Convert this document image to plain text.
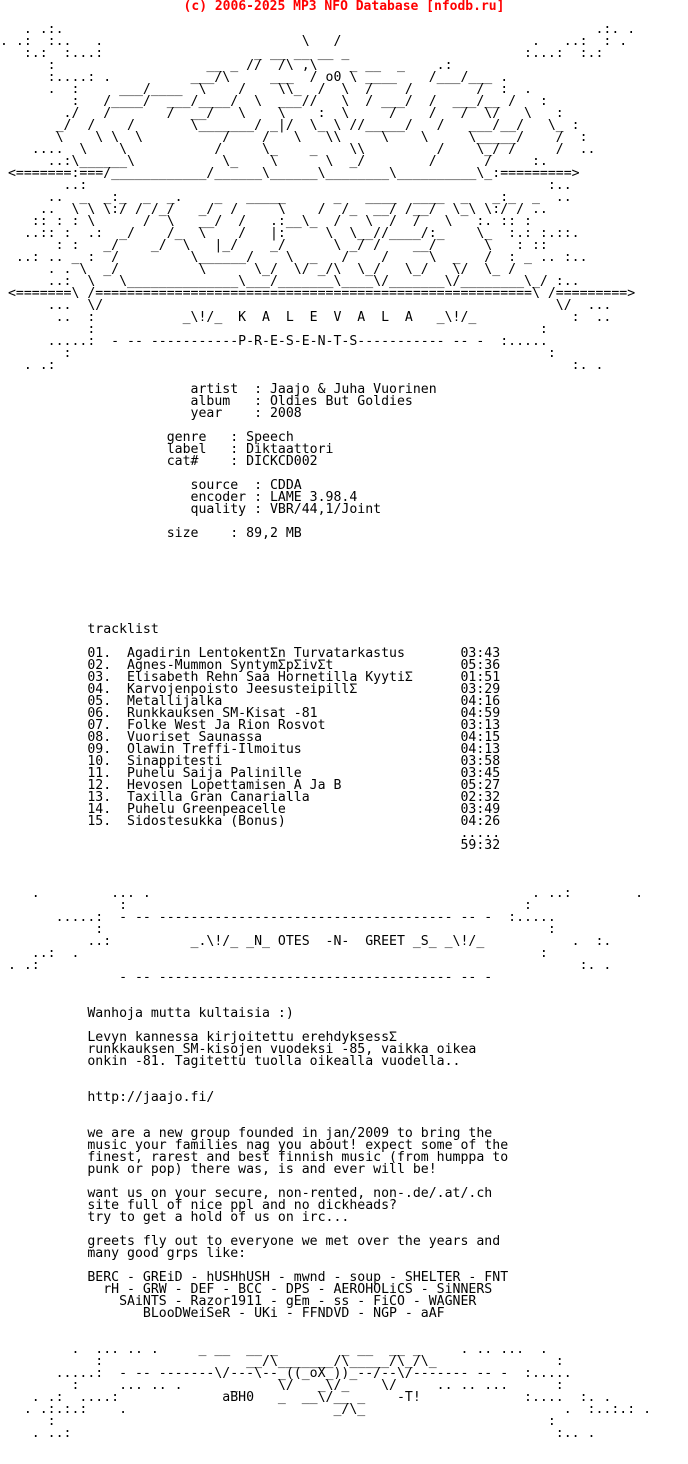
(c) 2006-2025 MP3 NFO Database [nfodb.ru]

. .:.                                                                   .:. .
. .:  :..   .                         \   /                        .   ..:  : .
:.:  :...:                   _ __ __ __ _                      :...:  :.:
:                   __ _ //  /\ ,\    _ __  _    .:
:....: .          ___/\     ___  / o0 \ ____    /___/___ .
.  :     ___/____  \    /    \\_  /  \  /    /        /  :  .
:   /____/  ___/____/  \  ___//   \  / ___/  /  ___/__ /   :
./   /       /  __/   \    \    :  \     /    /   /  \/   \   :
_/  /    /       \_______/ _|/  \_ \ //_____/   /   ___/__/   \_ :
\    \ \  \          /    /   \   \\     \    \     \_____/    /  :
....  \    \           /     \_    _    \\         /    \_/ /     /  ..
..:\______\           \_    \      \  _/        /      /     :.
<=======:===/____________/______\______\________\__________\_:=========>
..:                                                          :..
..  _  _:_  _  _.    _   _____      _   ____  ____  _   _:_  _  ..
..  \ \ \:/ / /_/   _/  /     \    /  /_  __/ /__/  \_\ \:/ / ..
:: : : \      /  \   __/  /   .:__\_  /   \  /  /   \   :. :: :
..:: :  .:  _/    /_  \    /   |:     \  \__//____/:_    \_  :.: :.::.
: :   _/    _/  \   |_/    _/      \ _/ /    __/      \   : ::
..: .. _ :  /         \______/    \  _   /    /     \  _   /  : _ .. :..
. . \  _/          \      \_/  \/ _/\  \_/   \_/   \/  \_ /
..:  \   \______________\___/_______\____\/_______\/________\_/ :..
<=======\ /=======================================================\ /=========>
...  \/                                                         \/  ...
..  :           _\!/_  K  A  L  E  V  A  L  A   _\!/_            :  ..
:                                                        :
.....:  - -- -----------P-R-E-S-E-N-T-S----------- -- -  :.....
:                                                            :
. .:                                                                 :. .

artist  : Jaajo & Juha Vuorinen
album   : Oldies But Goldies
year    : 2008

genre   : Speech
label   : Diktaattori
cat#    : DICKCD002

source  : CDDA
encoder : LAME 3.98.4
quality : VBR/44,1/Joint

size    : 89,2 MB

tracklist

01.  Agadirin LentokentΣn Turvatarkastus       03:43
02.  Agnes-Mummon SyntymΣpΣivΣt                05:36
03.  Elisabeth Rehn Saa Hornetilla KyytiΣ      01:51
04.  Karvojenpoisto JeesusteipillΣ             03:29
05.  Metallijalka                              04:16
06.  Runkkauksen SM-Kisat -81                  04:59
07.  Folke West Ja Rion Rosvot                 03:13
08.  Vuoriset Saunassa                         04:15
09.  Olawin Treffi-Ilmoitus                    04:13
10.  Sinappitesti                              03:58
11.  Puhelu Saija Palinille                    03:45
12.  Hevosen Lopettamisen A Ja B               05:27
13.  Taxilla Gran Canarialla                   02:32
14.  Puhelu Greenpeacelle                      03:49
15.  Sidostesukka (Bonus)                      04:26
.....
59:32

.         ... .                                                . ..:        .
:                                                  :
.....:  - -- ------------------------------------- -- -  :.....
:                                                        :
..:          _.\!/_ _N_ OTES  -N-  GREET _S_ _\!/_           .  :.
..:  .                                                          :
. .:                                                                    :. .
- -- ------------------------------------- -- -

Wanhoja mutta kultaisia :)

Levyn kannessa kirjoitettu erehdyksessΣ
runkkauksen SM-kisojen vuodeksi -85, vaikka oikea
onkin -81. Tagitettu tuolla oikealla vuodella..

http://jaajo.fi/

we are a new group founded in jan/2009 to bring the
music your families nag you about! expect some of the
finest, rarest and best finnish music (from humppa to
punk or pop) there was, is and ever will be!

want us on your secure, non-rented, non-.de/.at/.ch
site full of nice ppl and no dickheads?
try to get a hold of us on irc...

greets fly out to everyone we met over the years and
many good grps like:

BERC - GREiD - hUSHhUSH - mwnd - soup - SHELTER - FNT
rH - GRW - DEF - BCC - DPS - AEROHOLiCS - SiNNERS
SAiNTS - Razor1911 - gEm - ss - FiCO - WAGNER
BLooDWeiSeR - UKi - FFNDVD - NGP - aAF

.  ... .. .     _ __  __ _        _ __  __ _     . .. ...  .
:                  __/\_______/\_____/\_/\_               :
.....:  - -- -------\/---\--_((_oX_))_--/--\/------- -- -  :.....
:     ... .. .      _     \/   _\/_    \/     .. .. ...      :
. .:  ....:             aBH0   _  __\/__ _    -T!             :....  :. .
. .:.:.:    .                          _/\_                         .  :..:.: .
:                                                              :
. ..:                                                             :.. .
